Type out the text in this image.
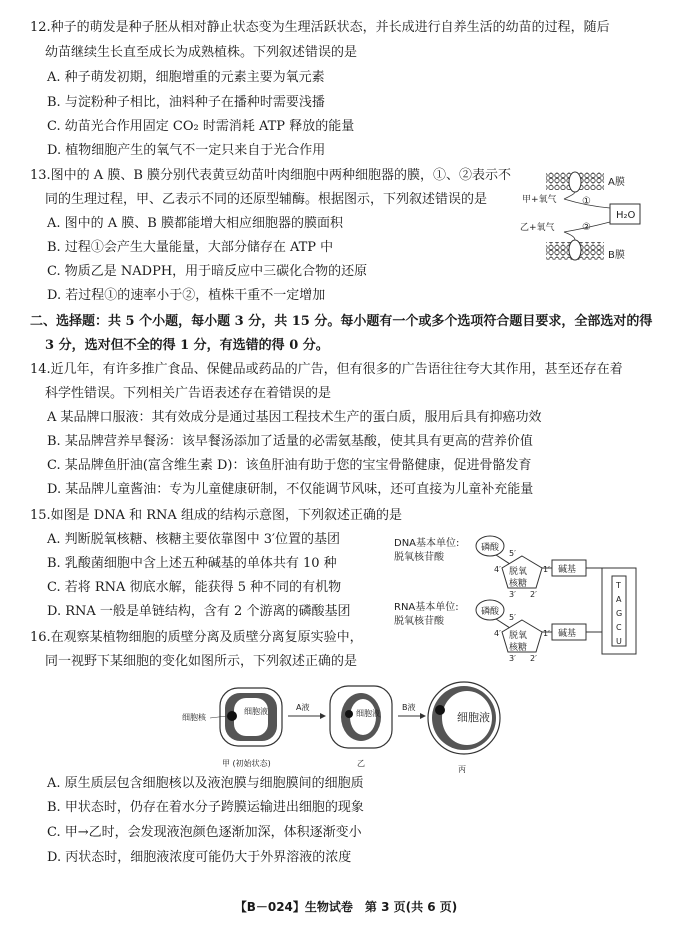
12.种子的萌发是种子胚从相对静止状态变为生理活跃状态，并长成进行自养生活的幼苗的过程，随后
幼苗继续生长直至成长为成熟植株。下列叙述错误的是
A. 种子萌发初期，细胞增重的元素主要为氧元素
B. 与淀粉种子相比，油料种子在播种时需要浅播
C. 幼苗光合作用固定 CO₂ 时需消耗 ATP 释放的能量
D. 植物细胞产生的氧气不一定只来自于光合作用
13.图中的 A 膜、B 膜分别代表黄豆幼苗叶肉细胞中两种细胞器的膜，①、②表示不
同的生理过程，甲、乙表示不同的还原型辅酶。根据图示，下列叙述错误的是
A. 图中的 A 膜、B 膜都能增大相应细胞器的膜面积
B. 过程①会产生大量能量，大部分储存在 ATP 中
C. 物质乙是 NADPH，用于暗反应中三碳化合物的还原
D. 若过程①的速率小于②，植株干重不一定增加
A膜
甲+氧气	①
H₂O
②
乙+氧气
B膜
二、选择题：共 5 个小题，每小题 3 分，共 15 分。每小题有一个或多个选项符合题目要求，全部选对的得
3 分，选对但不全的得 1 分，有选错的得 0 分。
14.近几年，有许多推广食品、保健品或药品的广告，但有很多的广告语往往夸大其作用，甚至还存在着
科学性错误。下列相关广告语表述存在着错误的是
A 某品牌口服液：其有效成分是通过基因工程技术生产的蛋白质，服用后具有抑癌功效
B. 某品牌营养早餐汤：该早餐汤添加了适量的必需氨基酸，使其具有更高的营养价值
C. 某品牌鱼肝油(富含维生素 D)：该鱼肝油有助于您的宝宝骨骼健康，促进骨骼发育
D. 某品牌儿童酱油：专为儿童健康研制，不仅能调节风味，还可直接为儿童补充能量
15.如图是 DNA 和 RNA 组成的结构示意图，下列叙述正确的是
A. 判断脱氧核糖、核糖主要依靠图中 3′位置的基团
B. 乳酸菌细胞中含上述五种碱基的单体共有 10 种
C. 若将 RNA 彻底水解，能获得 5 种不同的有机物
D. RNA 一般是单链结构，含有 2 个游离的磷酸基团
DNA基本单位:
脱氧核苷酸
磷酸
5′
脱氧
核糖
4′	1′
3′ 2′
碱基
T
A
G
C
U
RNA基本单位:
脱氧核苷酸
磷酸
5′
脱氧
核糖
4′	1′
3′ 2′
碱基
16.在观察某植物细胞的质壁分离及质壁分离复原实验中，
同一视野下某细胞的变化如图所示，下列叙述正确的是
细胞液
细胞核
A液
甲 (初始状态)
细胞液
B液
乙
细胞液
丙
A. 原生质层包含细胞核以及液泡膜与细胞膜间的细胞质
B. 甲状态时，仍存在着水分子跨膜运输进出细胞的现象
C. 甲→乙时，会发现液泡颜色逐渐加深，体积逐渐变小
D. 丙状态时，细胞液浓度可能仍大于外界溶液的浓度
【B－024】生物试卷　第 3 页(共 6 页)
